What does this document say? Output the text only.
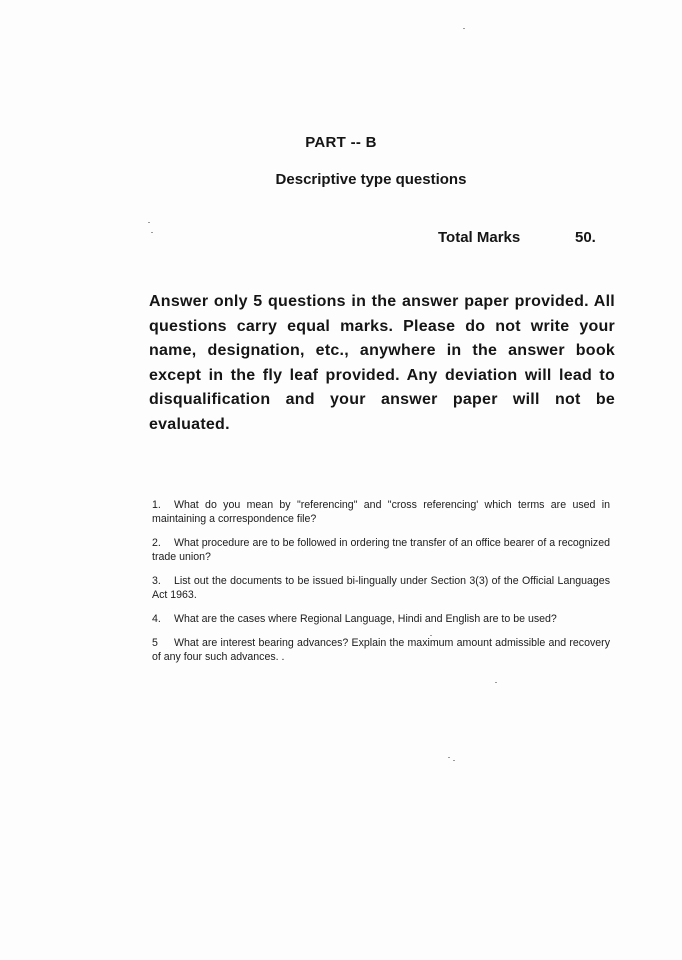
PART -- B
Descriptive type questions
Total Marks	50.
Answer only 5 questions in the answer paper provided. All questions carry equal marks. Please do not write your name, designation, etc., anywhere in the answer book except in the fly leaf provided. Any deviation will lead to disqualification and your answer paper will not be evaluated.
1. What do you mean by "referencing" and "cross referencing' which terms are used in maintaining a correspondence file?
2. What procedure are to be followed in ordering tne transfer of an office bearer of a recognized trade union?
3. List out the documents to be issued bi-lingually under Section 3(3) of the Official Languages Act 1963.
4. What are the cases where Regional Language, Hindi and English are to be used?
5 What are interest bearing advances? Explain the maximum amount admissible and recovery of any four such advances. .
